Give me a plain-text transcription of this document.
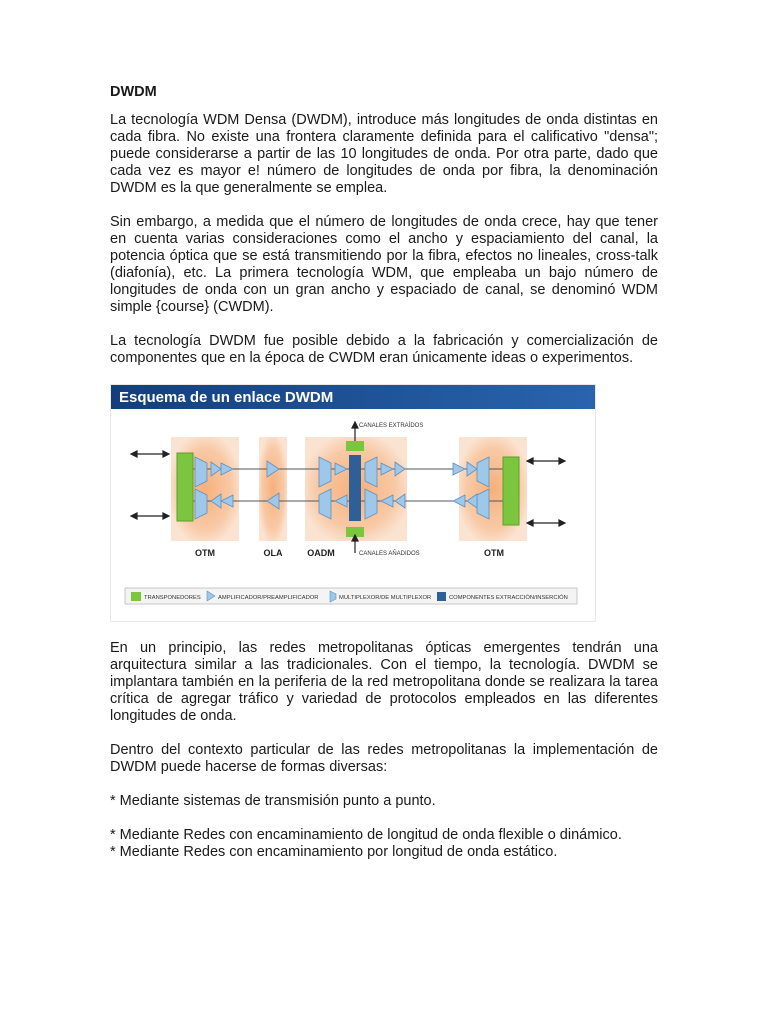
DWDM

La tecnología WDM Densa (DWDM), introduce más longitudes de onda distintas en cada fibra. No existe una frontera claramente definida para el calificativo "densa"; puede considerarse a partir de las 10 longitudes de onda. Por otra parte, dado que cada vez es mayor e! número de longitudes de onda por fibra, la denominación DWDM es la que generalmente se emplea.

Sin embargo, a medida que el número de longitudes de onda crece, hay que tener en cuenta varias consideraciones como el ancho y espaciamiento del canal, la potencia óptica que se está transmitiendo por la fibra, efectos no lineales, cross-talk (diafonía), etc. La primera tecnología WDM, que empleaba un bajo número de longitudes de onda con un gran ancho y espaciado de canal, se denominó WDM simple {course} (CWDM).

La tecnología DWDM fue posible debido a la fabricación y comercialización de componentes que en la época de CWDM eran únicamente ideas o experimentos.

Esquema de un enlace DWDM
CANALES EXTRAÍDOS
CANALES AÑADIDOS
OTM	OLA	OADM	OTM
TRANSPONEDORES	AMPLIFICADOR/PREAMPLIFICADOR	MULTIPLEXOR/DE MULTIPLEXOR	COMPONENTES EXTRACCIÓN/INSERCIÓN

En un principio, las redes metropolitanas ópticas emergentes tendrán una arquitectura similar a las tradicionales. Con el tiempo, la tecnología. DWDM se implantara también en la periferia de la red metropolitana donde se realizara la tarea crítica de agregar tráfico y variedad de protocolos empleados en las diferentes longitudes de onda.

Dentro del contexto particular de las redes metropolitanas la implementación de DWDM puede hacerse de formas diversas:

* Mediante sistemas de transmisión punto a punto.

* Mediante Redes con encaminamiento de longitud de onda flexible o dinámico.

* Mediante Redes con encaminamiento por longitud de onda estático.
